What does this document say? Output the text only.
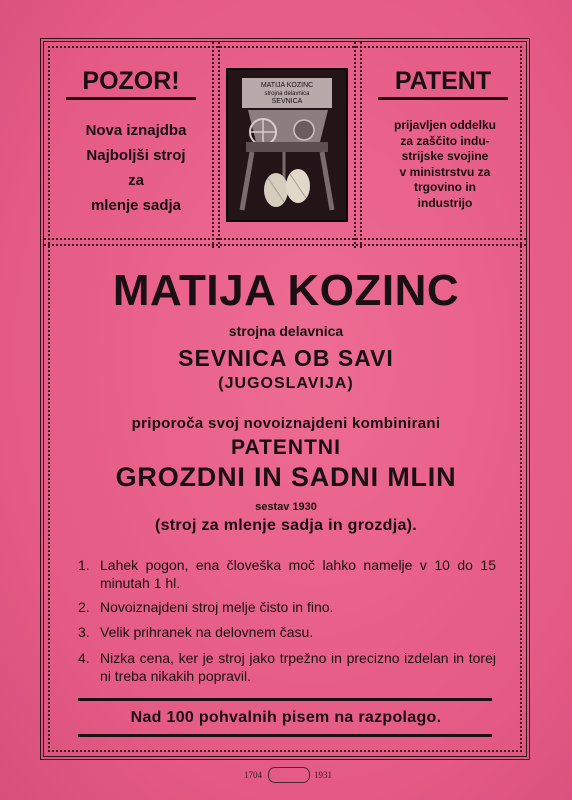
POZOR!
Nova iznajdba
Najboljši stroj
za
mlenje sadja
MATIJA KOZINC
strojna delavnica
SEVNICA
PATENT
prijavljen oddelku
za zaščito indu-
strijske svojine
v ministrstvu za
trgovino in
industrijo
MATIJA KOZINC
strojna delavnica
SEVNICA OB SAVI
(JUGOSLAVIJA)
priporoča svoj novoiznajdeni kombinirani
PATENTNI
GROZDNI IN SADNI MLIN
sestav 1930
(stroj za mlenje sadja in grozdja).
1. Lahek pogon, ena človeška moč lahko namelje v 10 do 15 minutah 1 hl.
2. Novoiznajdeni stroj melje čisto in fino.
3. Velik prihranek na delovnem času.
4. Nizka cena, ker je stroj jako trpežno in precizno izdelan in torej ni treba nikakih popravil.
Nad 100 pohvalnih pisem na razpolago.
1704	1931
